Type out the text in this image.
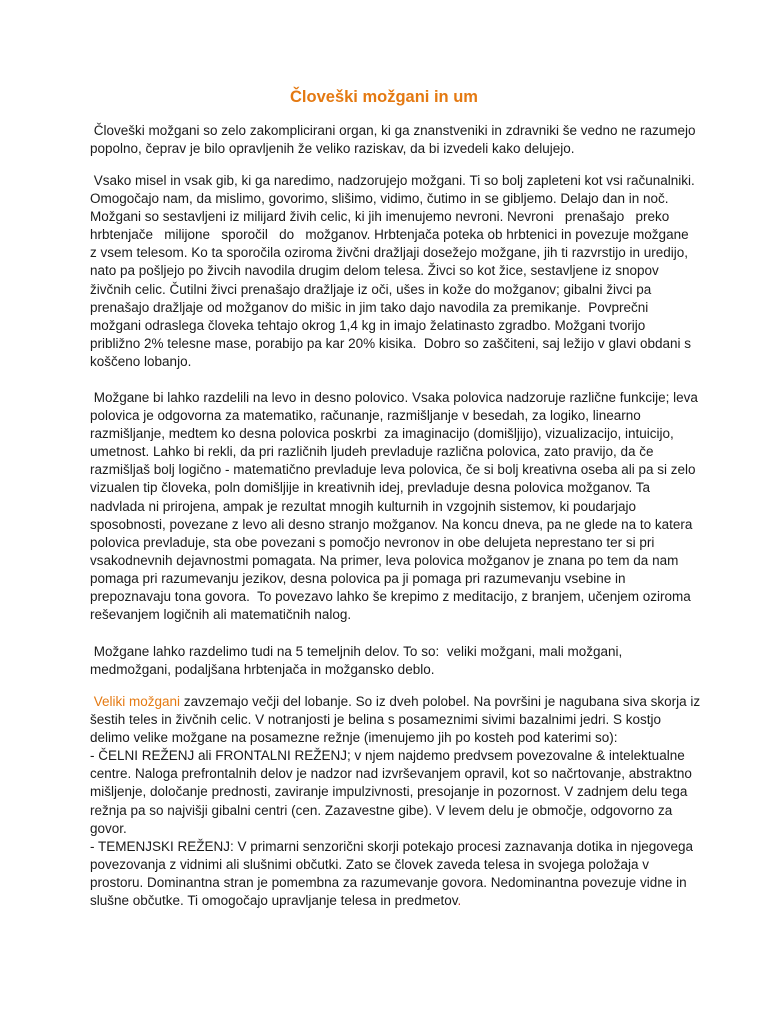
Človeški možgani in um
Človeški možgani so zelo zakomplicirani organ, ki ga znanstveniki in zdravniki še vedno ne razumejo
popolno, čeprav je bilo opravljenih že veliko raziskav, da bi izvedeli kako delujejo.
Vsako misel in vsak gib, ki ga naredimo, nadzorujejo možgani. Ti so bolj zapleteni kot vsi računalniki.
Omogočajo nam, da mislimo, govorimo, slišimo, vidimo, čutimo in se gibljemo. Delajo dan in noč.
Možgani so sestavljeni iz milijard živih celic, ki jih imenujemo nevroni. Nevroni   prenašajo   preko
hrbtenjače   milijone   sporočil   do   možganov. Hrbtenjača poteka ob hrbtenici in povezuje možgane
z vsem telesom. Ko ta sporočila oziroma živčni dražljaji dosežejo možgane, jih ti razvrstijo in uredijo,
nato pa pošljejo po živcih navodila drugim delom telesa. Živci so kot žice, sestavljene iz snopov
živčnih celic. Čutilni živci prenašajo dražljaje iz oči, ušes in kože do možganov; gibalni živci pa
prenašajo dražljaje od možganov do mišic in jim tako dajo navodila za premikanje.  Povprečni
možgani odraslega človeka tehtajo okrog 1,4 kg in imajo želatinasto zgradbo. Možgani tvorijo
približno 2% telesne mase, porabijo pa kar 20% kisika.  Dobro so zaščiteni, saj ležijo v glavi obdani s
koščeno lobanjo.
Možgane bi lahko razdelili na levo in desno polovico. Vsaka polovica nadzoruje različne funkcije; leva
polovica je odgovorna za matematiko, računanje, razmišljanje v besedah, za logiko, linearno
razmišljanje, medtem ko desna polovica poskrbi  za imaginacijo (domišljijo), vizualizacijo, intuicijo,
umetnost. Lahko bi rekli, da pri različnih ljudeh prevladuje različna polovica, zato pravijo, da če
razmišljaš bolj logično - matematično prevladuje leva polovica, če si bolj kreativna oseba ali pa si zelo
vizualen tip človeka, poln domišljije in kreativnih idej, prevladuje desna polovica možganov. Ta
nadvlada ni prirojena, ampak je rezultat mnogih kulturnih in vzgojnih sistemov, ki poudarjajo
sposobnosti, povezane z levo ali desno stranjo možganov. Na koncu dneva, pa ne glede na to katera
polovica prevladuje, sta obe povezani s pomočjo nevronov in obe delujeta neprestano ter si pri
vsakodnevnih dejavnostmi pomagata. Na primer, leva polovica možganov je znana po tem da nam
pomaga pri razumevanju jezikov, desna polovica pa ji pomaga pri razumevanju vsebine in
prepoznavaju tona govora.  To povezavo lahko še krepimo z meditacijo, z branjem, učenjem oziroma
reševanjem logičnih ali matematičnih nalog.
Možgane lahko razdelimo tudi na 5 temeljnih delov. To so:  veliki možgani, mali možgani,
medmožgani, podaljšana hrbtenjača in možgansko deblo.
Veliki možgani zavzemajo večji del lobanje. So iz dveh polobel. Na površini je nagubana siva skorja iz
šestih teles in živčnih celic. V notranjosti je belina s posameznimi sivimi bazalnimi jedri. S kostjo
delimo velike možgane na posamezne režnje (imenujemo jih po kosteh pod katerimi so):
- ČELNI REŽENJ ali FRONTALNI REŽENJ; v njem najdemo predvsem povezovalne & intelektualne
centre. Naloga prefrontalnih delov je nadzor nad izvrševanjem opravil, kot so načrtovanje, abstraktno
mišljenje, določanje prednosti, zaviranje impulzivnosti, presojanje in pozornost. V zadnjem delu tega
režnja pa so najvišji gibalni centri (cen. Zazavestne gibe). V levem delu je območje, odgovorno za
govor.
- TEMENJSKI REŽENJ: V primarni senzorični skorji potekajo procesi zaznavanja dotika in njegovega
povezovanja z vidnimi ali slušnimi občutki. Zato se človek zaveda telesa in svojega položaja v
prostoru. Dominantna stran je pomembna za razumevanje govora. Nedominantna povezuje vidne in
slušne občutke. Ti omogočajo upravljanje telesa in predmetov.
